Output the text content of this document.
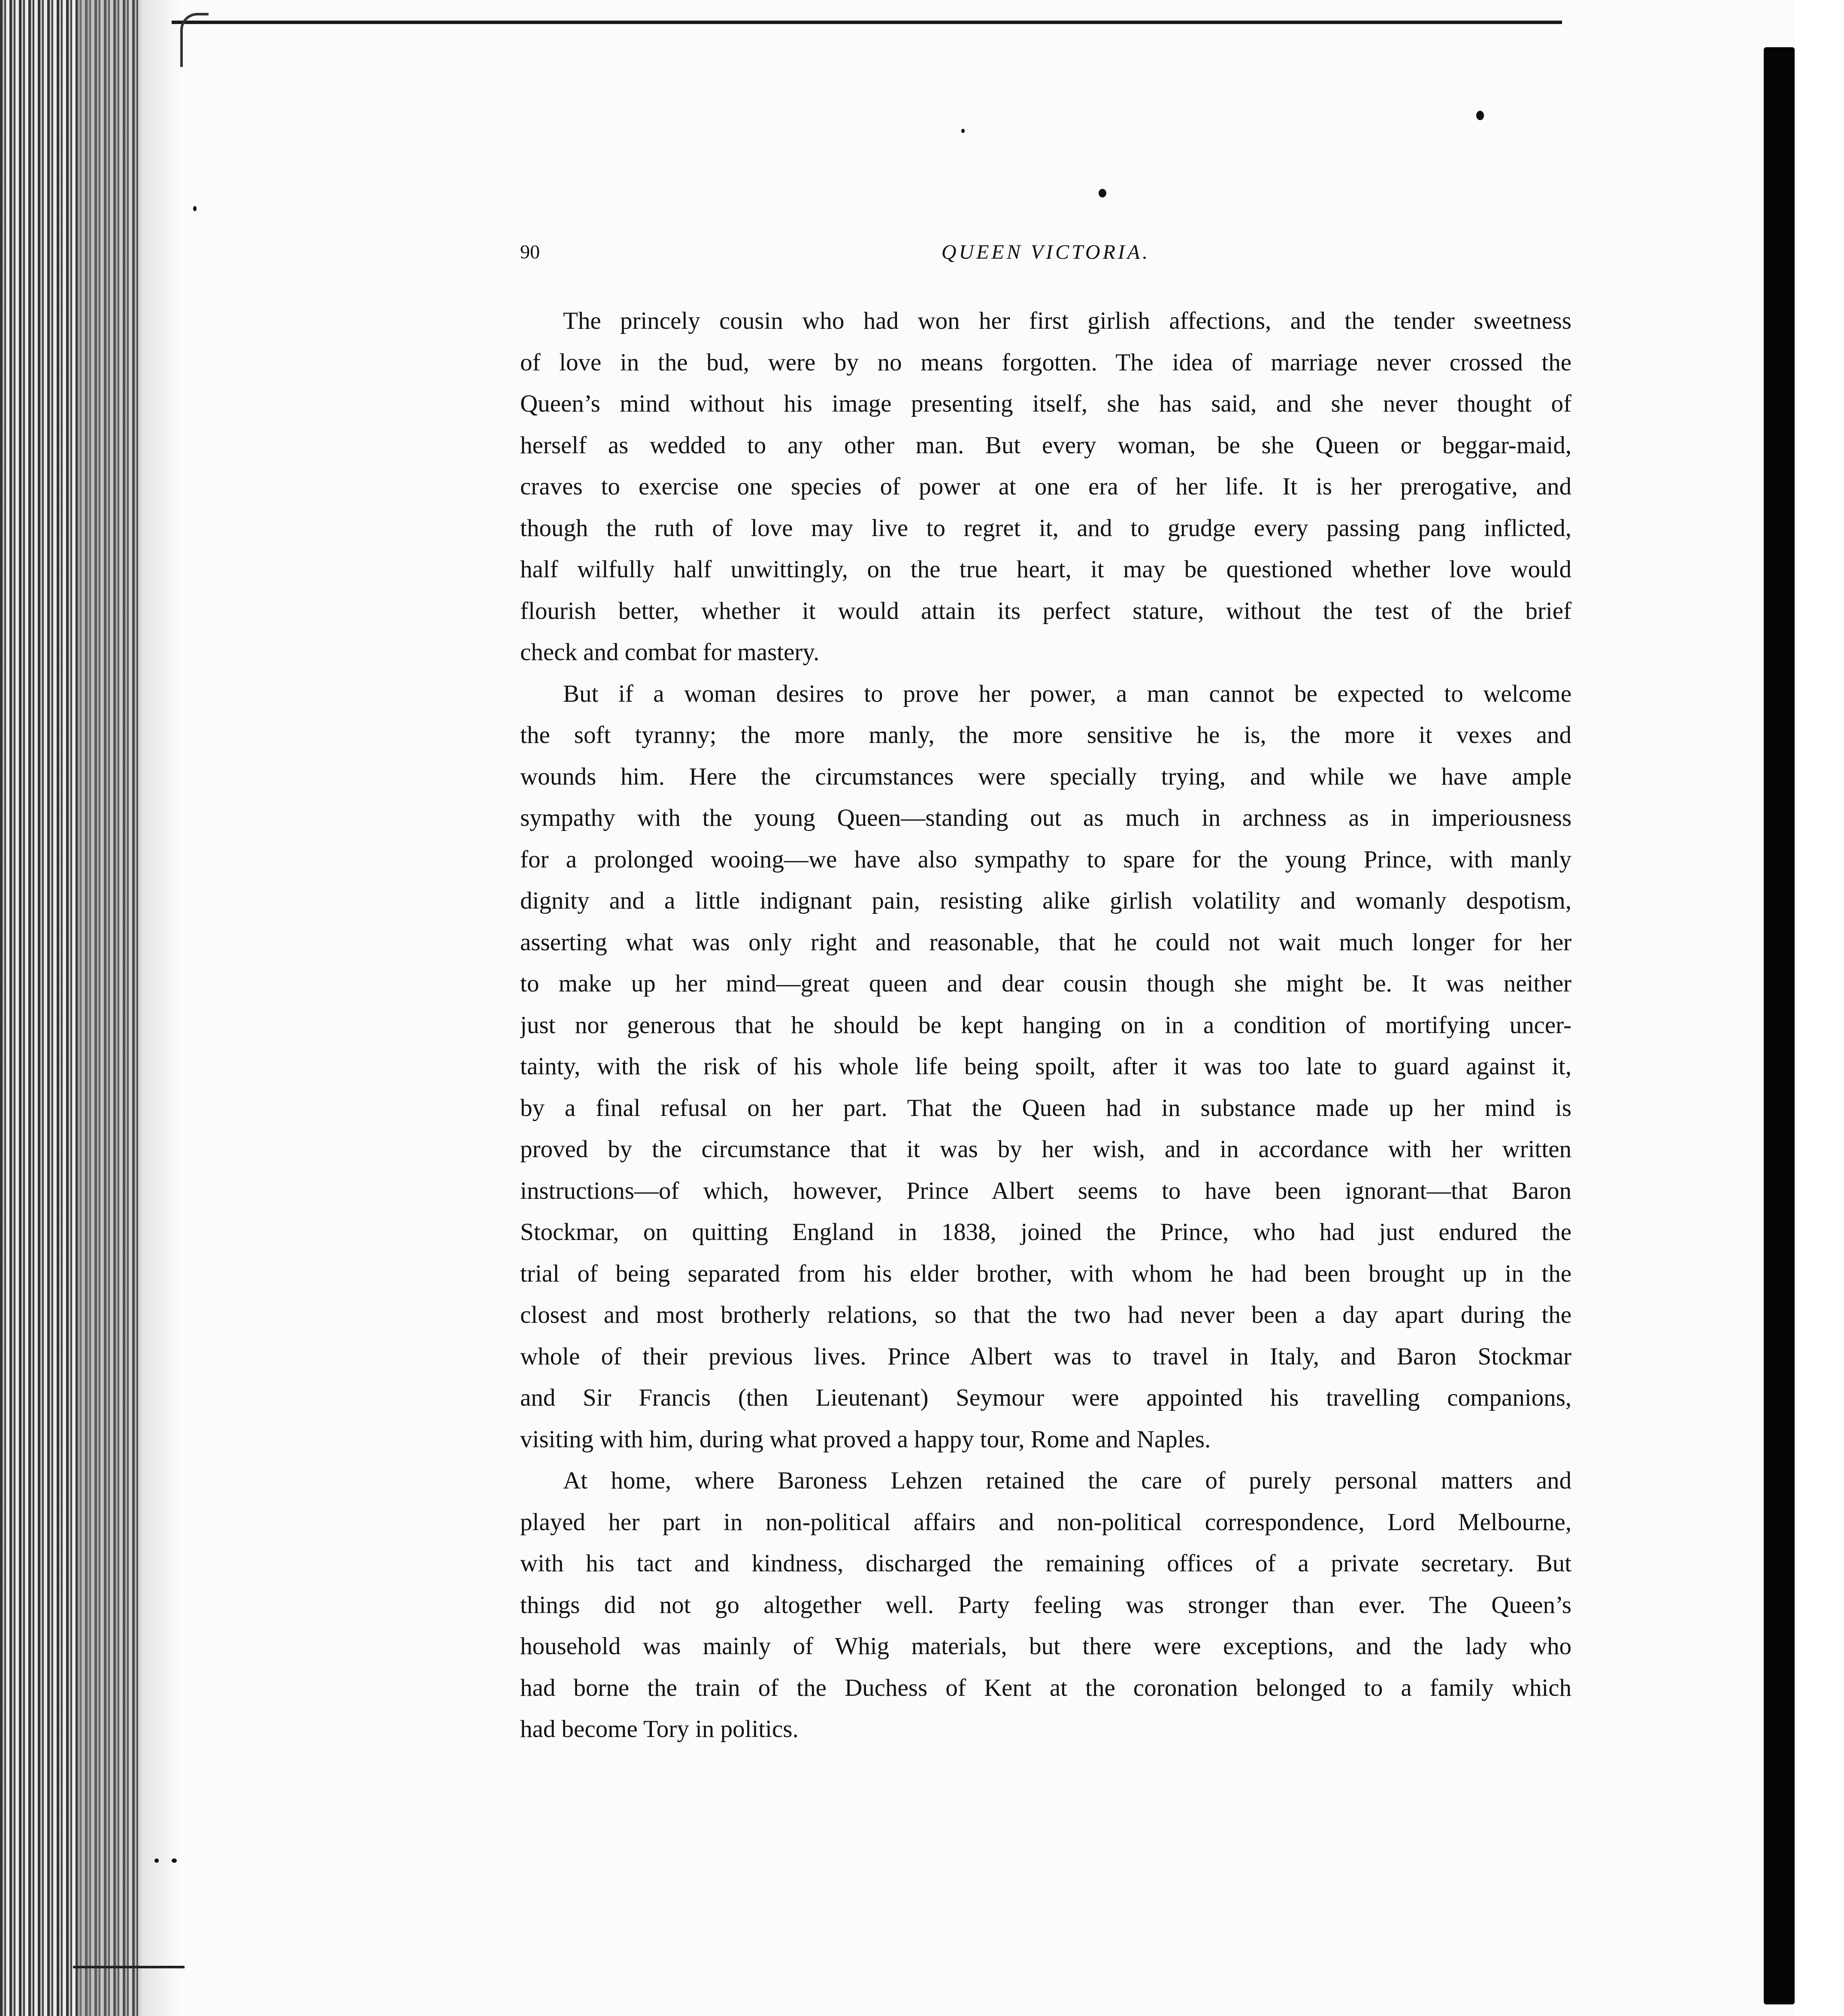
90	QUEEN VICTORIA.

The princely cousin who had won her first girlish affections, and the tender sweetness
of love in the bud, were by no means forgotten. The idea of marriage never crossed the
Queen’s mind without his image presenting itself, she has said, and she never thought of
herself as wedded to any other man. But every woman, be she Queen or beggar-maid,
craves to exercise one species of power at one era of her life. It is her prerogative, and
though the ruth of love may live to regret it, and to grudge every passing pang inflicted,
half wilfully half unwittingly, on the true heart, it may be questioned whether love would
flourish better, whether it would attain its perfect stature, without the test of the brief
check and combat for mastery.

But if a woman desires to prove her power, a man cannot be expected to welcome
the soft tyranny; the more manly, the more sensitive he is, the more it vexes and
wounds him. Here the circumstances were specially trying, and while we have ample
sympathy with the young Queen—standing out as much in archness as in imperiousness
for a prolonged wooing—we have also sympathy to spare for the young Prince, with manly
dignity and a little indignant pain, resisting alike girlish volatility and womanly despotism,
asserting what was only right and reasonable, that he could not wait much longer for her
to make up her mind—great queen and dear cousin though she might be. It was neither
just nor generous that he should be kept hanging on in a condition of mortifying uncer-
tainty, with the risk of his whole life being spoilt, after it was too late to guard against it,
by a final refusal on her part. That the Queen had in substance made up her mind is
proved by the circumstance that it was by her wish, and in accordance with her written
instructions—of which, however, Prince Albert seems to have been ignorant—that Baron
Stockmar, on quitting England in 1838, joined the Prince, who had just endured the
trial of being separated from his elder brother, with whom he had been brought up in the
closest and most brotherly relations, so that the two had never been a day apart during the
whole of their previous lives. Prince Albert was to travel in Italy, and Baron Stockmar
and Sir Francis (then Lieutenant) Seymour were appointed his travelling companions,
visiting with him, during what proved a happy tour, Rome and Naples.

At home, where Baroness Lehzen retained the care of purely personal matters and
played her part in non-political affairs and non-political correspondence, Lord Melbourne,
with his tact and kindness, discharged the remaining offices of a private secretary. But
things did not go altogether well. Party feeling was stronger than ever. The Queen’s
household was mainly of Whig materials, but there were exceptions, and the lady who
had borne the train of the Duchess of Kent at the coronation belonged to a family which
had become Tory in politics.
